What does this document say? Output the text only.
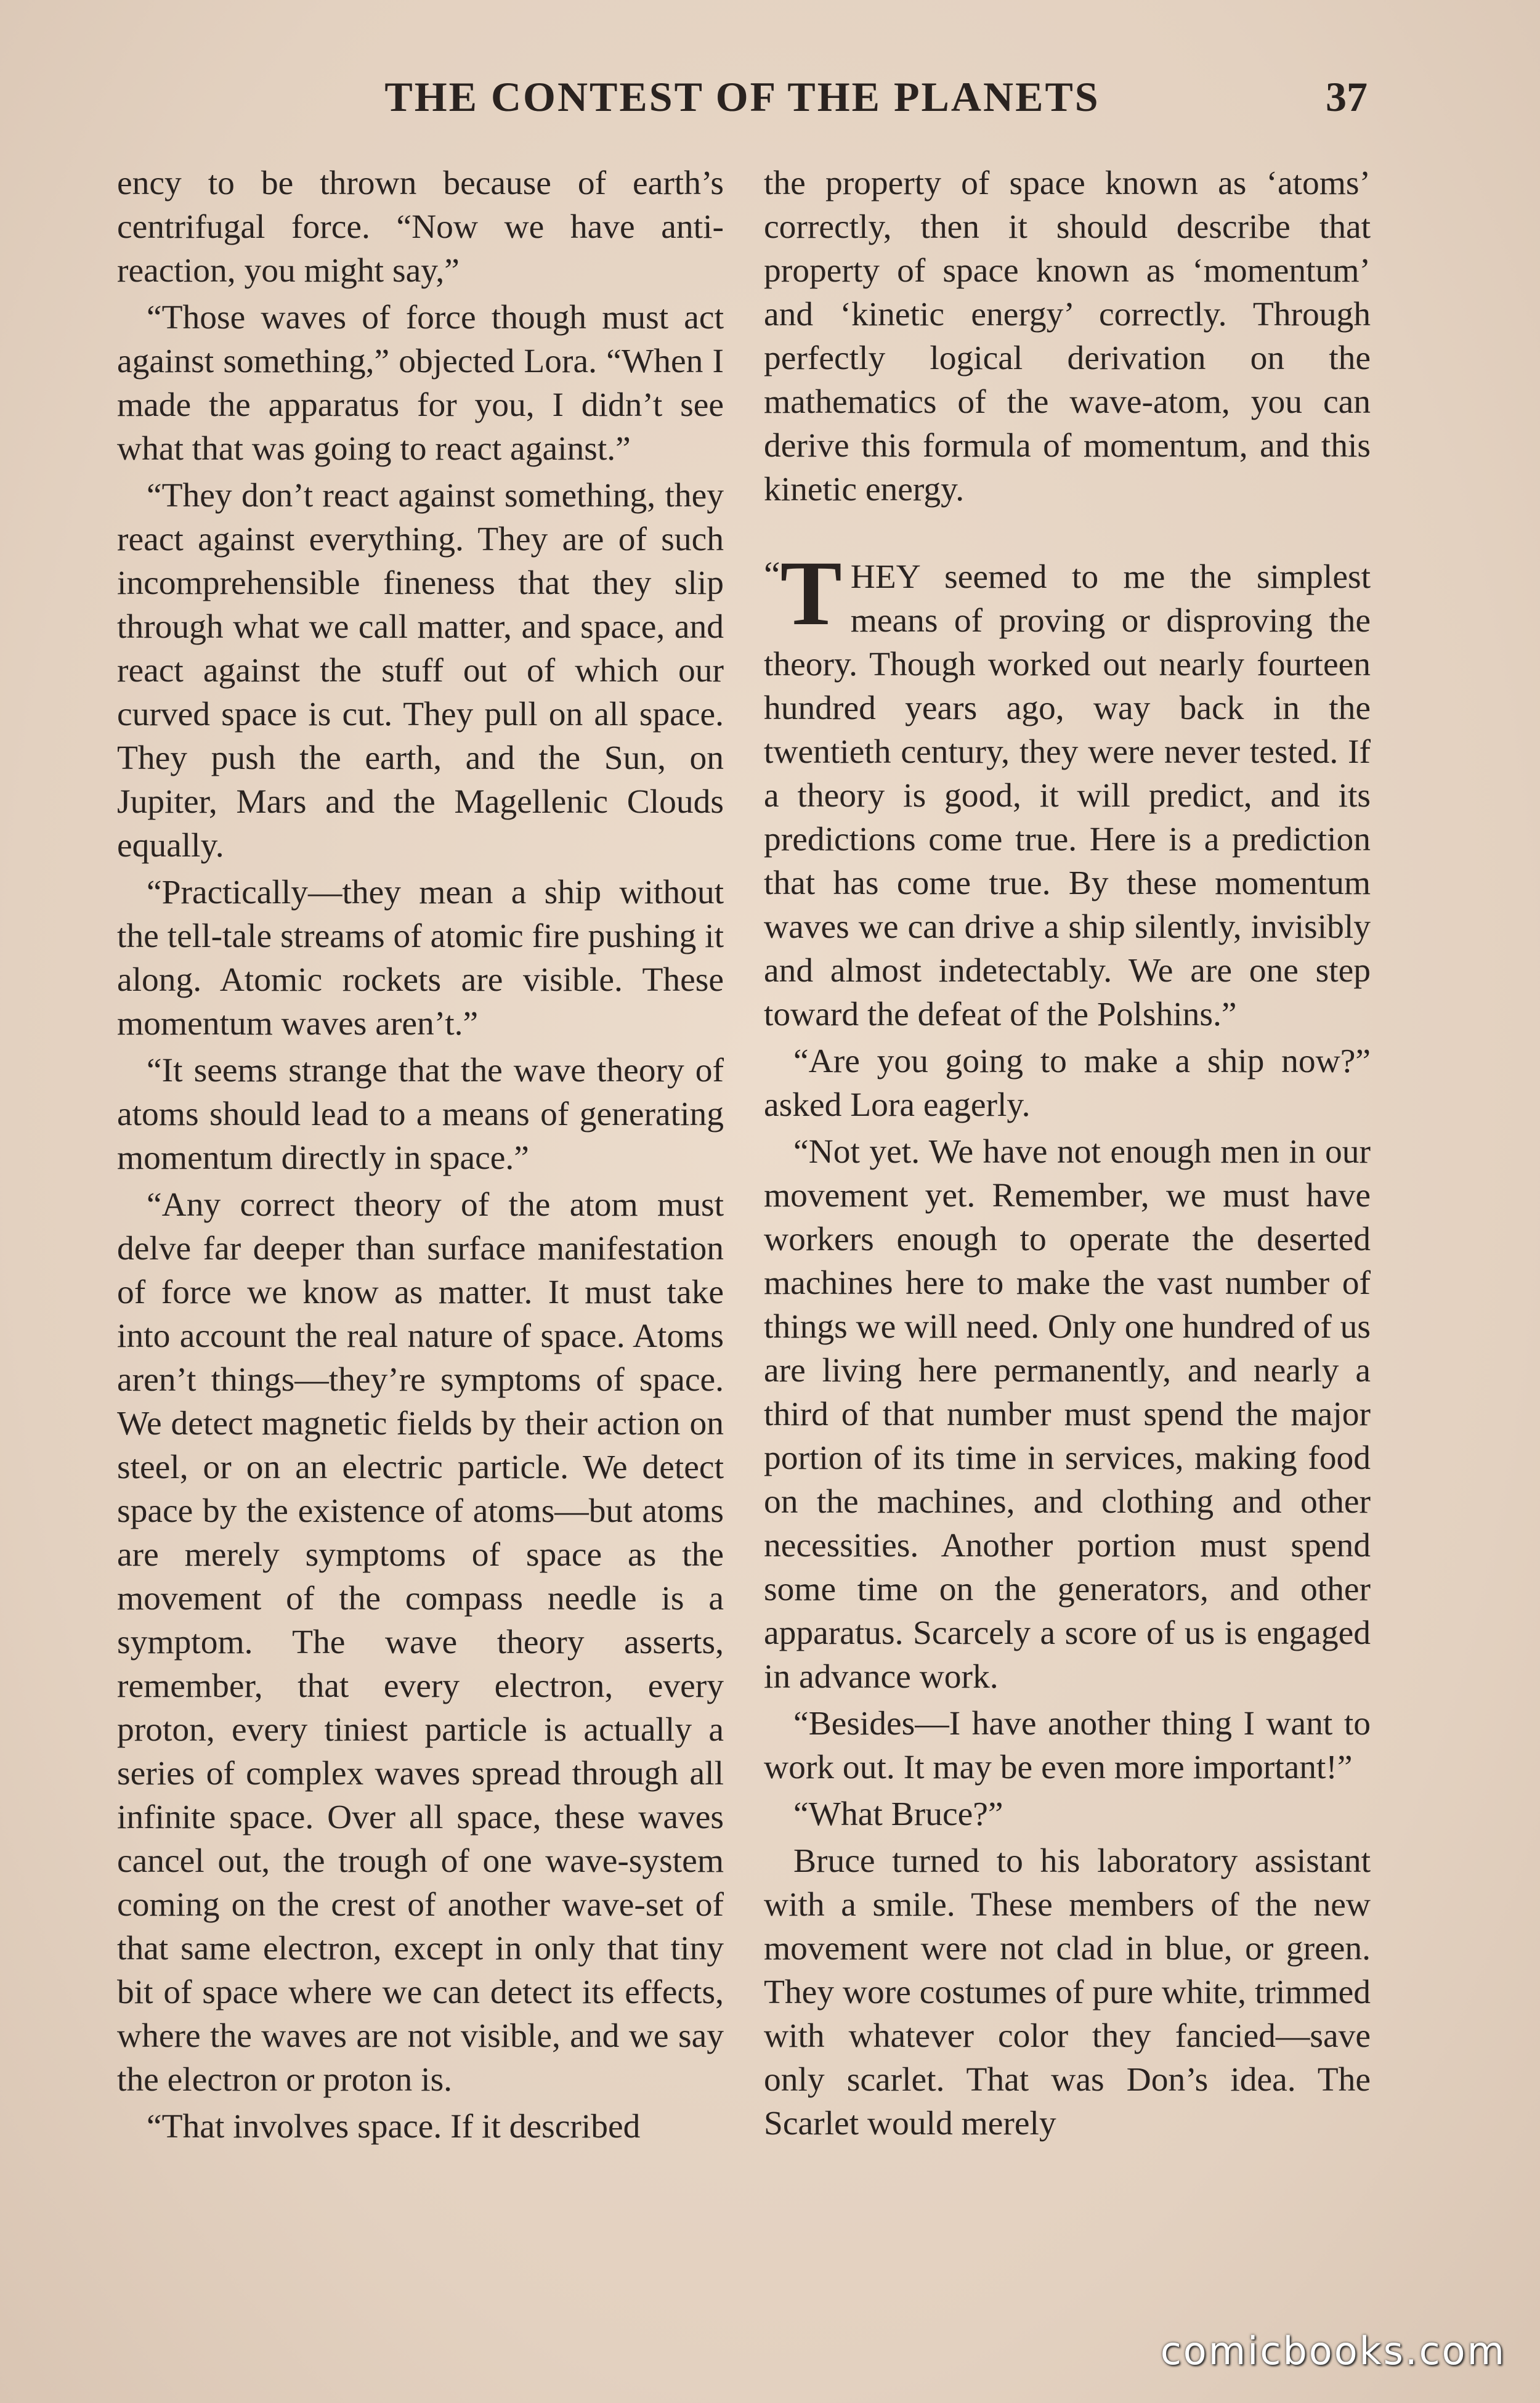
THE CONTEST OF THE PLANETS	37

ency to be thrown because of earth’s centrifugal force. “Now we have anti-reaction, you might say,”

“Those waves of force though must act against something,” objected Lora. “When I made the apparatus for you, I didn’t see what that was going to react against.”

“They don’t react against something, they react against everything. They are of such incomprehensible fineness that they slip through what we call matter, and space, and react against the stuff out of which our curved space is cut. They pull on all space. They push the earth, and the Sun, on Jupiter, Mars and the Magellenic Clouds equally.

“Practically—they mean a ship without the tell-tale streams of atomic fire pushing it along. Atomic rockets are visible. These momentum waves aren’t.”

“It seems strange that the wave theory of atoms should lead to a means of generating momentum directly in space.”

“Any correct theory of the atom must delve far deeper than surface manifestation of force we know as matter. It must take into account the real nature of space. Atoms aren’t things—they’re symptoms of space. We detect magnetic fields by their action on steel, or on an electric particle. We detect space by the existence of atoms—but atoms are merely symptoms of space as the movement of the compass needle is a symptom. The wave theory asserts, remember, that every electron, every proton, every tiniest particle is actually a series of complex waves spread through all infinite space. Over all space, these waves cancel out, the trough of one wave-system coming on the crest of another wave-set of that same electron, except in only that tiny bit of space where we can detect its effects, where the waves are not visible, and we say the electron or proton is.

“That involves space. If it described

the property of space known as ‘atoms’ correctly, then it should describe that property of space known as ‘momentum’ and ‘kinetic energy’ correctly. Through perfectly logical derivation on the mathematics of the wave-atom, you can derive this formula of momentum, and this kinetic energy.

“T HEY seemed to me the simplest means of proving or disproving the theory. Though worked out nearly fourteen hundred years ago, way back in the twentieth century, they were never tested. If a theory is good, it will predict, and its predictions come true. Here is a prediction that has come true. By these momentum waves we can drive a ship silently, invisibly and almost indetectably. We are one step toward the defeat of the Polshins.”

“Are you going to make a ship now?” asked Lora eagerly.

“Not yet. We have not enough men in our movement yet. Remember, we must have workers enough to operate the deserted machines here to make the vast number of things we will need. Only one hundred of us are living here permanently, and nearly a third of that number must spend the major portion of its time in services, making food on the machines, and clothing and other necessities. Another portion must spend some time on the generators, and other apparatus. Scarcely a score of us is engaged in advance work.

“Besides—I have another thing I want to work out. It may be even more important!”

“What Bruce?”

Bruce turned to his laboratory assistant with a smile. These members of the new movement were not clad in blue, or green. They wore costumes of pure white, trimmed with whatever color they fancied—save only scarlet. That was Don’s idea. The Scarlet would merely

comicbooks.com
